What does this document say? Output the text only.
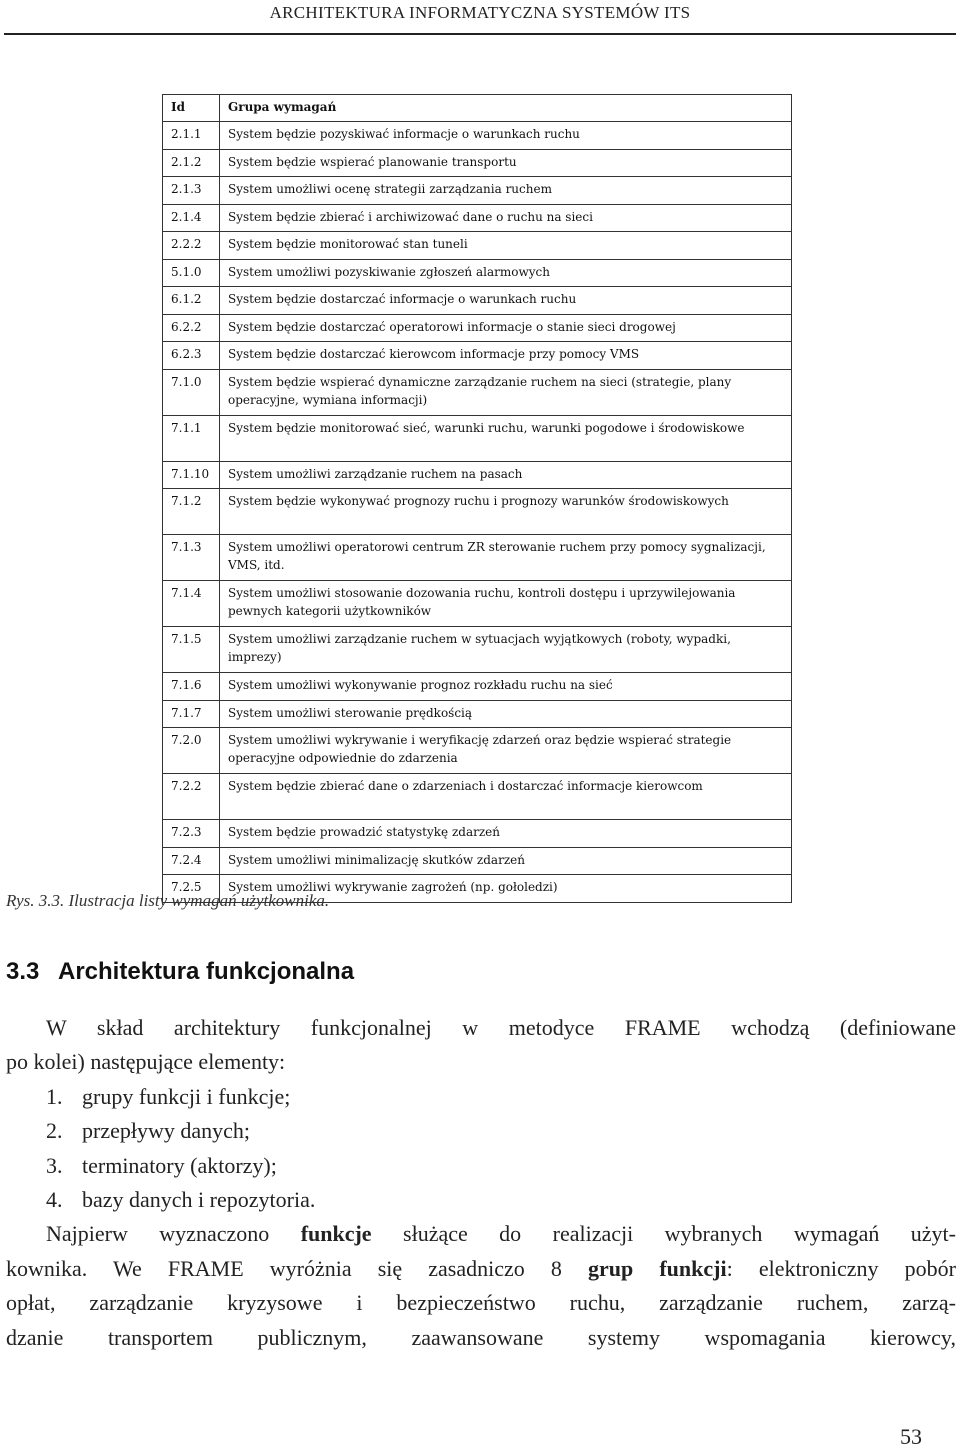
ARCHITEKTURA INFORMATYCZNA SYSTEMÓW ITS
Id	Grupa wymagań
2.1.1	System będzie pozyskiwać informacje o warunkach ruchu
2.1.2	System będzie wspierać planowanie transportu
2.1.3	System umożliwi ocenę strategii zarządzania ruchem
2.1.4	System będzie zbierać i archiwizować dane o ruchu na sieci
2.2.2	System będzie monitorować stan tuneli
5.1.0	System umożliwi pozyskiwanie zgłoszeń alarmowych
6.1.2	System będzie dostarczać informacje o warunkach ruchu
6.2.2	System będzie dostarczać operatorowi informacje o stanie sieci drogowej
6.2.3	System będzie dostarczać kierowcom informacje przy pomocy VMS
7.1.0	System będzie wspierać dynamiczne zarządzanie ruchem na sieci (strategie, plany operacyjne, wymiana informacji)
7.1.1	System będzie monitorować sieć, warunki ruchu, warunki pogodowe i środowiskowe
7.1.10	System umożliwi zarządzanie ruchem na pasach
7.1.2	System będzie wykonywać prognozy ruchu i prognozy warunków środowiskowych
7.1.3	System umożliwi operatorowi centrum ZR sterowanie ruchem przy pomocy sygnalizacji, VMS, itd.
7.1.4	System umożliwi stosowanie dozowania ruchu, kontroli dostępu i uprzywilejowania pewnych kategorii użytkowników
7.1.5	System umożliwi zarządzanie ruchem w sytuacjach wyjątkowych (roboty, wypadki, imprezy)
7.1.6	System umożliwi wykonywanie prognoz rozkładu ruchu na sieć
7.1.7	System umożliwi sterowanie prędkością
7.2.0	System umożliwi wykrywanie i weryfikację zdarzeń oraz będzie wspierać strategie operacyjne odpowiednie do zdarzenia
7.2.2	System będzie zbierać dane o zdarzeniach i dostarczać informacje kierowcom
7.2.3	System będzie prowadzić statystykę zdarzeń
7.2.4	System umożliwi minimalizację skutków zdarzeń
7.2.5	System umożliwi wykrywanie zagrożeń (np. gołoledzi)
Rys. 3.3. Ilustracja listy wymagań użytkownika.
3.3 Architektura funkcjonalna

W skład architektury funkcjonalnej w metodyce FRAME wchodzą (definiowane

po kolei) następujące elementy:

1. grupy funkcji i funkcje;
2. przepływy danych;
3. terminatory (aktorzy);
4. bazy danych i repozytoria.

Najpierw wyznaczono funkcje służące do realizacji wybranych wymagań użyt-

kownika. We FRAME wyróżnia się zasadniczo 8 grup funkcji: elektroniczny pobór

opłat, zarządzanie kryzysowe i bezpieczeństwo ruchu, zarządzanie ruchem, zarzą-

dzanie transportem publicznym, zaawansowane systemy wspomagania kierowcy,

53
